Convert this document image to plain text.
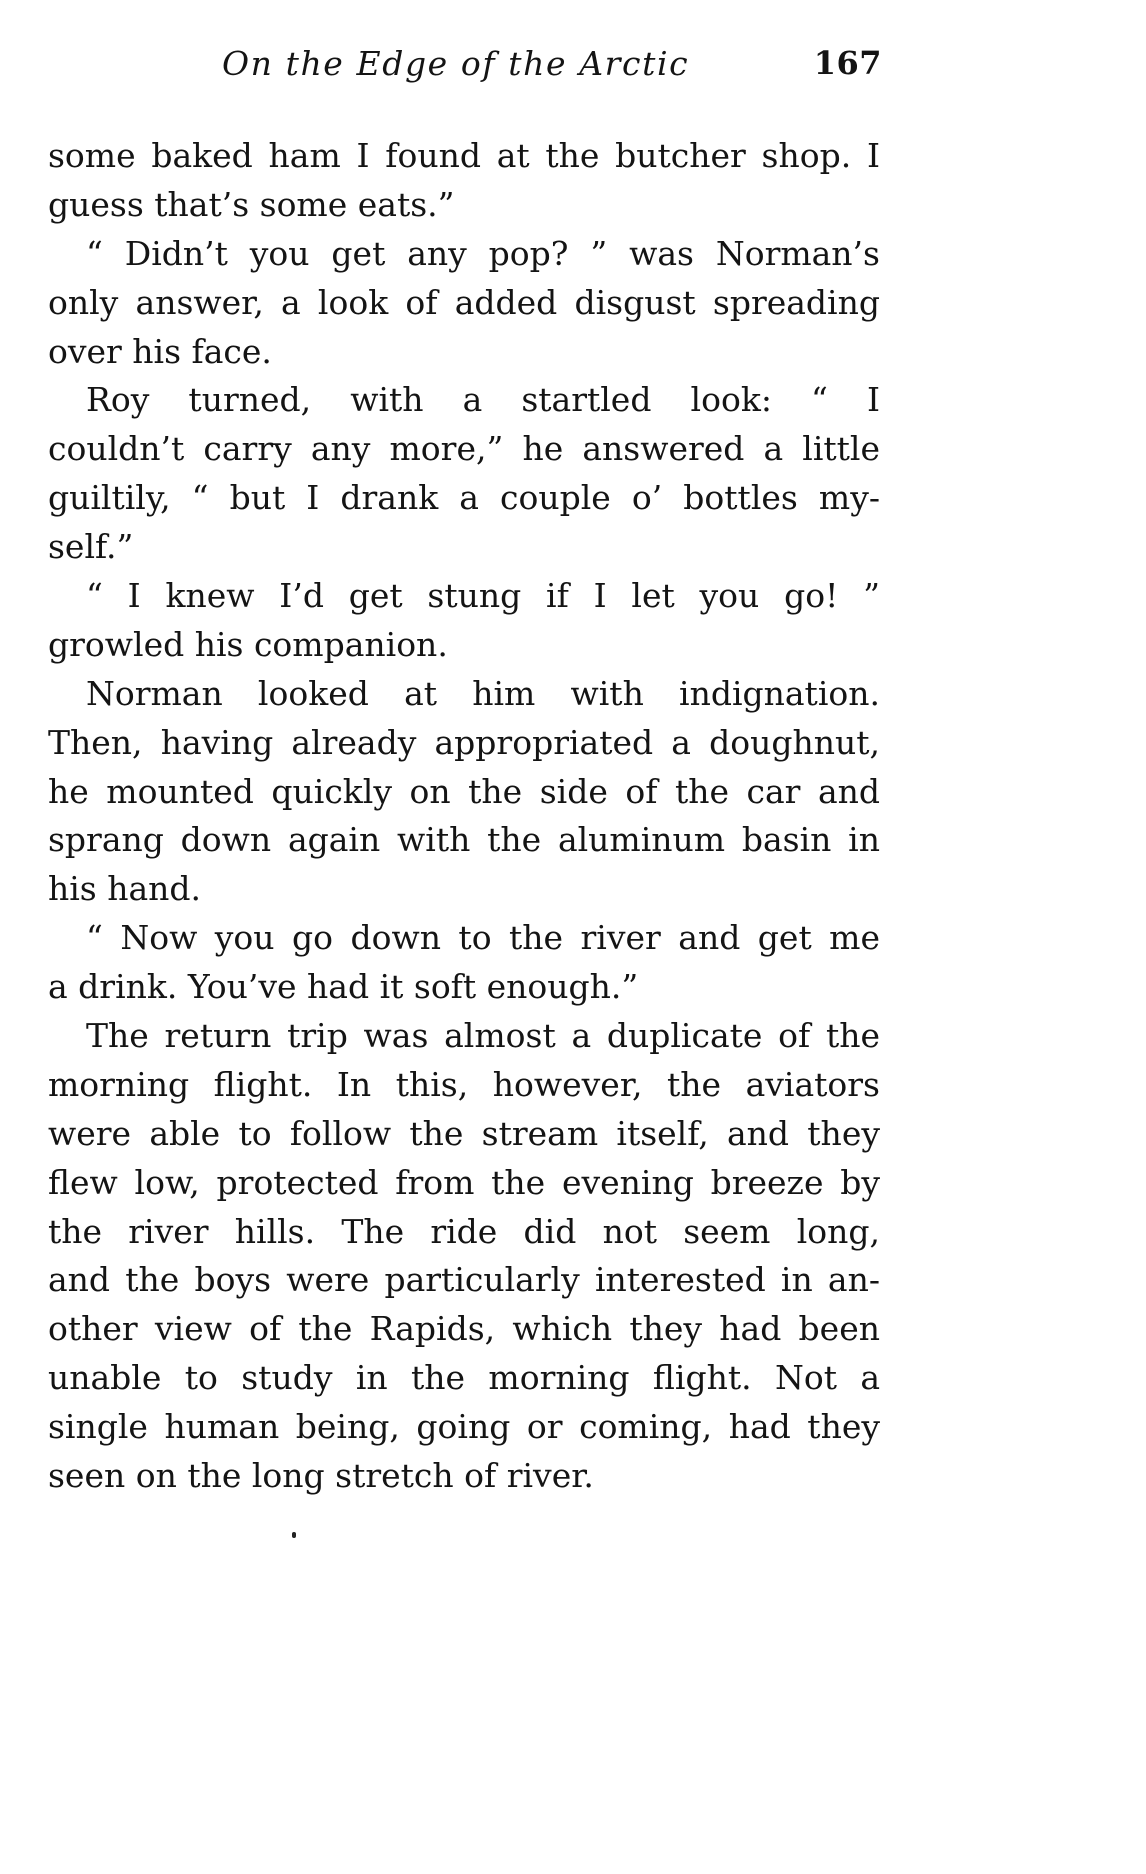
On the Edge of the Arctic	167
some baked ham I found at the butcher shop. I
guess that’s some eats.”
“ Didn’t you get any pop? ” was Norman’s
only answer, a look of added disgust spreading
over his face.
Roy turned, with a startled look: “ I
couldn’t carry any more,” he answered a little
guiltily, “ but I drank a couple o’ bottles my-
self.”
“ I knew I’d get stung if I let you go! ”
growled his companion.
Norman looked at him with indignation.
Then, having already appropriated a doughnut,
he mounted quickly on the side of the car and
sprang down again with the aluminum basin in
his hand.
“ Now you go down to the river and get me
a drink. You’ve had it soft enough.”
The return trip was almost a duplicate of the
morning flight. In this, however, the aviators
were able to follow the stream itself, and they
flew low, protected from the evening breeze by
the river hills. The ride did not seem long,
and the boys were particularly interested in an-
other view of the Rapids, which they had been
unable to study in the morning flight. Not a
single human being, going or coming, had they
seen on the long stretch of river.
